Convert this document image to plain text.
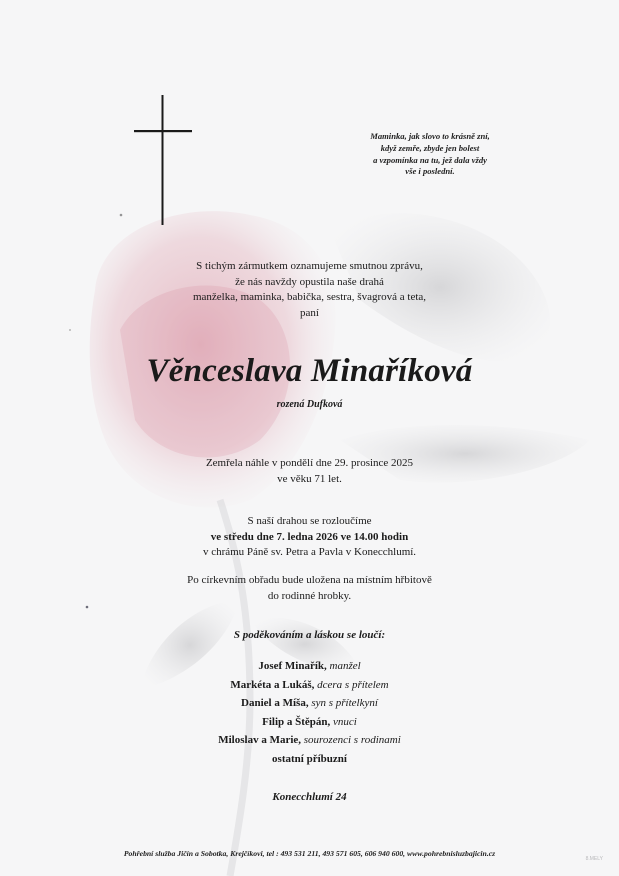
Maminka, jak slovo to krásně zní,
když zemře, zbyde jen bolest
a vzpomínka na tu, jež dala vždy
vše i poslední.
S tichým zármutkem oznamujeme smutnou zprávu,
že nás navždy opustila naše drahá
manželka, maminka, babička, sestra, švagrová a teta,
paní
Věnceslava Minaříková
rozená Dufková
Zemřela náhle v pondělí dne 29. prosince 2025
ve věku 71 let.
S naší drahou se rozloučíme
ve středu dne 7. ledna 2026 ve 14.00 hodin
v chrámu Páně sv. Petra a Pavla v Konecchlumí.
Po církevním obřadu bude uložena na místním hřbitově
do rodinné hrobky.
S poděkováním a láskou se loučí:
Josef Minařík, manžel
Markéta a Lukáš, dcera s přítelem
Daniel a Míša, syn s přítelkyní
Filip a Štěpán, vnuci
Miloslav a Marie, sourozenci s rodinami
ostatní příbuzní
Konecchlumí 24
Pohřební služba Jičín a Sobotka, Krejčíkovi, tel : 493 531 211, 493 571 605, 606 940 600, www.pohrebnisluzbajicin.cz
8.MELY
